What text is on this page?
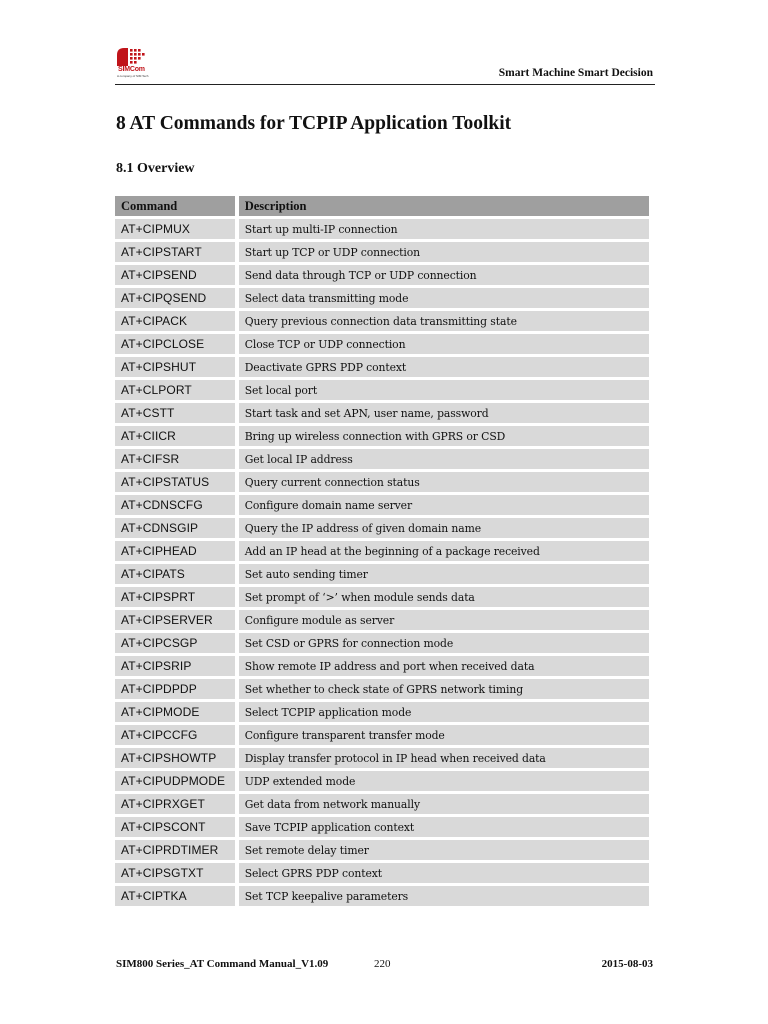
SIMCom
A company of SIM Tech	Smart Machine Smart Decision
8 AT Commands for TCPIP Application Toolkit
8.1 Overview
Command	Description
AT+CIPMUX	Start up multi-IP connection
AT+CIPSTART	Start up TCP or UDP connection
AT+CIPSEND	Send data through TCP or UDP connection
AT+CIPQSEND	Select data transmitting mode
AT+CIPACK	Query previous connection data transmitting state
AT+CIPCLOSE	Close TCP or UDP connection
AT+CIPSHUT	Deactivate GPRS PDP context
AT+CLPORT	Set local port
AT+CSTT	Start task and set APN, user name, password
AT+CIICR	Bring up wireless connection with GPRS or CSD
AT+CIFSR	Get local IP address
AT+CIPSTATUS	Query current connection status
AT+CDNSCFG	Configure domain name server
AT+CDNSGIP	Query the IP address of given domain name
AT+CIPHEAD	Add an IP head at the beginning of a package received
AT+CIPATS	Set auto sending timer
AT+CIPSPRT	Set prompt of ‘>’ when module sends data
AT+CIPSERVER	Configure module as server
AT+CIPCSGP	Set CSD or GPRS for connection mode
AT+CIPSRIP	Show remote IP address and port when received data
AT+CIPDPDP	Set whether to check state of GPRS network timing
AT+CIPMODE	Select TCPIP application mode
AT+CIPCCFG	Configure transparent transfer mode
AT+CIPSHOWTP	Display transfer protocol in IP head when received data
AT+CIPUDPMODE	UDP extended mode
AT+CIPRXGET	Get data from network manually
AT+CIPSCONT	Save TCPIP application context
AT+CIPRDTIMER	Set remote delay timer
AT+CIPSGTXT	Select GPRS PDP context
AT+CIPTKA	Set TCP keepalive parameters
SIM800 Series_AT Command Manual_V1.09	220	2015-08-03
